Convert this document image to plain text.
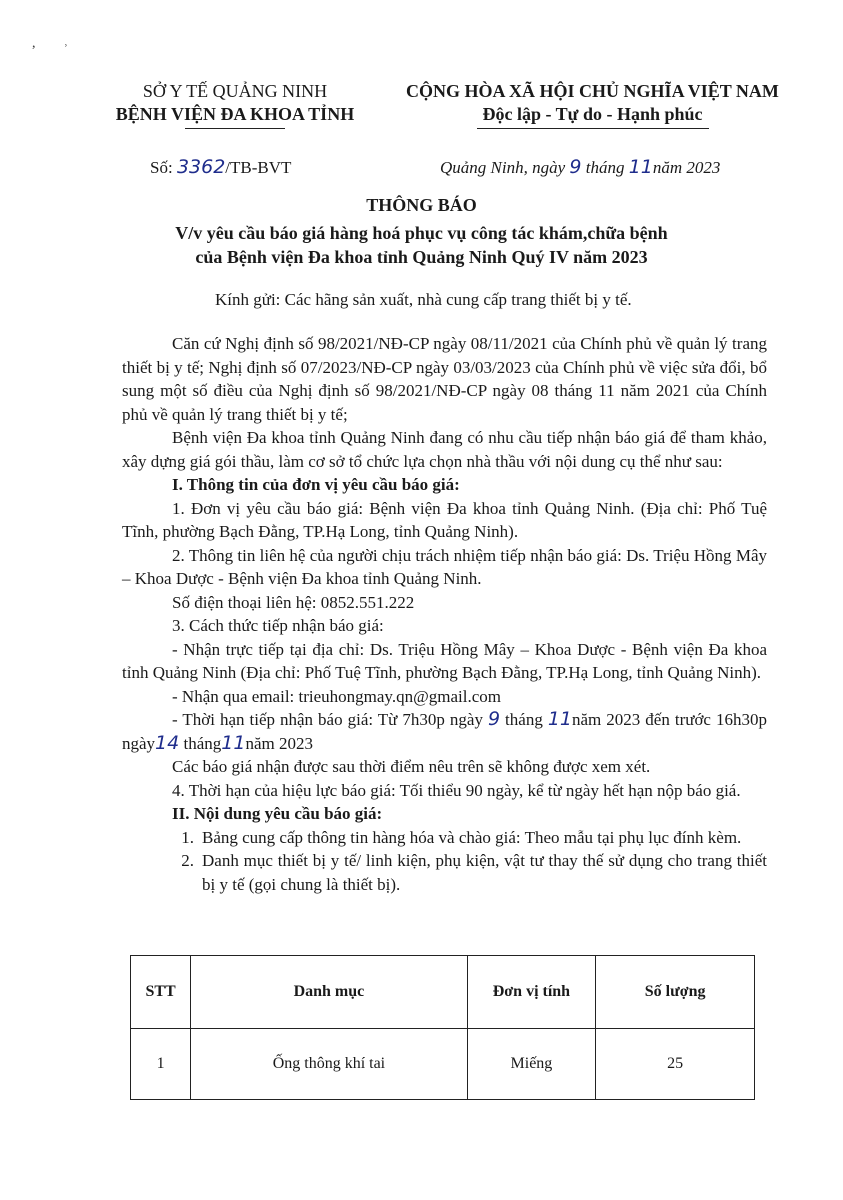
,˒
SỞ Y TẾ QUẢNG NINH
BỆNH VIỆN ĐA KHOA TỈNH
CỘNG HÒA XÃ HỘI CHỦ NGHĨA VIỆT NAM
Độc lập - Tự do - Hạnh phúc
Số: 3362/TB-BVT	Quảng Ninh, ngày 9 tháng 11năm 2023
THÔNG BÁO
V/v yêu cầu báo giá hàng hoá phục vụ công tác khám,chữa bệnh
của Bệnh viện Đa khoa tỉnh Quảng Ninh Quý IV năm 2023
Kính gửi: Các hãng sản xuất, nhà cung cấp trang thiết bị y tế.

Căn cứ Nghị định số 98/2021/NĐ-CP ngày 08/11/2021 của Chính phủ về quản lý trang thiết bị y tế; Nghị định số 07/2023/NĐ-CP ngày 03/03/2023 của Chính phủ về việc sửa đổi, bổ sung một số điều của Nghị định số 98/2021/NĐ-CP ngày 08 tháng 11 năm 2021 của Chính phủ về quản lý trang thiết bị y tế;

Bệnh viện Đa khoa tỉnh Quảng Ninh đang có nhu cầu tiếp nhận báo giá để tham khảo, xây dựng giá gói thầu, làm cơ sở tổ chức lựa chọn nhà thầu với nội dung cụ thể như sau:

I. Thông tin của đơn vị yêu cầu báo giá:

1. Đơn vị yêu cầu báo giá: Bệnh viện Đa khoa tỉnh Quảng Ninh. (Địa chỉ: Phố Tuệ Tĩnh, phường Bạch Đằng, TP.Hạ Long, tỉnh Quảng Ninh).

2. Thông tin liên hệ của người chịu trách nhiệm tiếp nhận báo giá: Ds. Triệu Hồng Mây – Khoa Dược - Bệnh viện Đa khoa tỉnh Quảng Ninh.

Số điện thoại liên hệ: 0852.551.222

3. Cách thức tiếp nhận báo giá:

- Nhận trực tiếp tại địa chỉ: Ds. Triệu Hồng Mây – Khoa Dược - Bệnh viện Đa khoa tỉnh Quảng Ninh (Địa chỉ: Phố Tuệ Tĩnh, phường Bạch Đằng, TP.Hạ Long, tỉnh Quảng Ninh).

- Nhận qua email: trieuhongmay.qn@gmail.com

- Thời hạn tiếp nhận báo giá: Từ 7h30p ngày 9 tháng 11năm 2023 đến trước 16h30p ngày14 tháng11năm 2023

Các báo giá nhận được sau thời điểm nêu trên sẽ không được xem xét.

4. Thời hạn của hiệu lực báo giá: Tối thiểu 90 ngày, kể từ ngày hết hạn nộp báo giá.

II. Nội dung yêu cầu báo giá:

1. Bảng cung cấp thông tin hàng hóa và chào giá: Theo mẫu tại phụ lục đính kèm.
2. Danh mục thiết bị y tế/ linh kiện, phụ kiện, vật tư thay thế sử dụng cho trang thiết bị y tế (gọi chung là thiết bị).
STT	Danh mục	Đơn vị tính	Số lượng
1	Ống thông khí tai	Miếng	25
